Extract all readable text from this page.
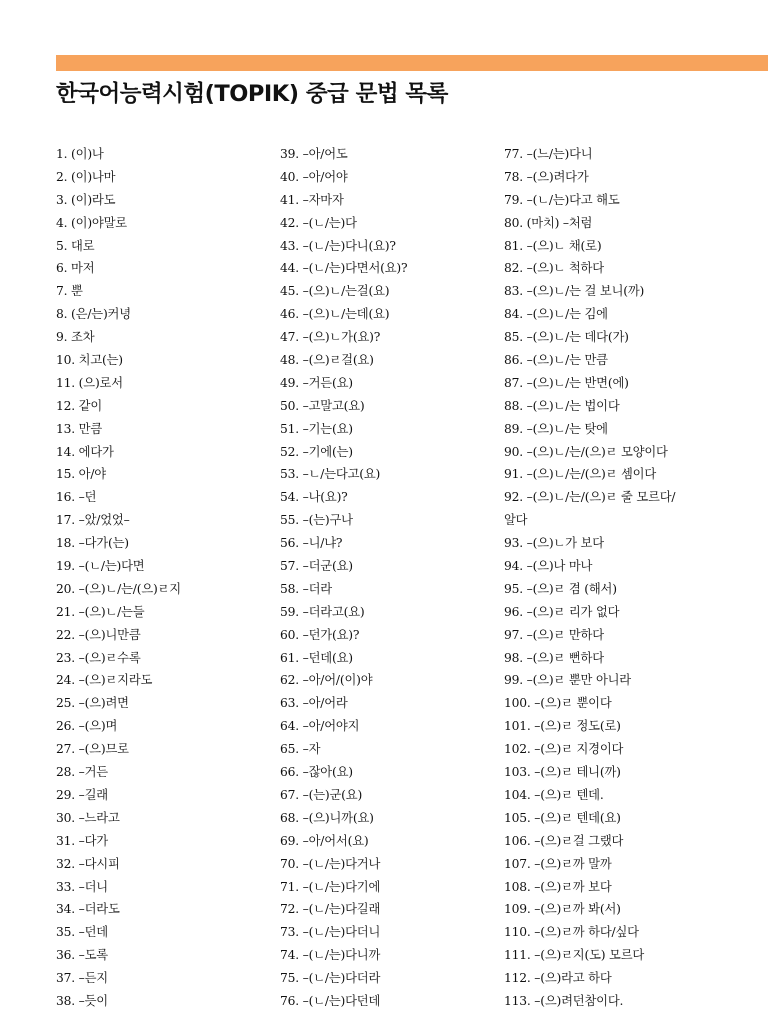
한국어능력시험(TOPIK) 중급 문법 목록
1. (이)나
2. (이)나마
3. (이)라도
4. (이)야말로
5. 대로
6. 마저
7. 뿐
8. (은/는)커녕
9. 조차
10. 치고(는)
11. (으)로서
12. 같이
13. 만큼
14. 에다가
15. 아/야
16. –던
17. –았/었었–
18. –다가(는)
19. –(ㄴ/는)다면
20. –(으)ㄴ/는/(으)ㄹ지
21. –(으)ㄴ/는들
22. –(으)니만큼
23. –(으)ㄹ수록
24. –(으)ㄹ지라도
25. –(으)려면
26. –(으)며
27. –(으)므로
28. –거든
29. –길래
30. –느라고
31. –다가
32. –다시피
33. –더니
34. –더라도
35. –던데
36. –도록
37. –든지
38. –듯이
39. –아/어도
40. –아/어야
41. –자마자
42. –(ㄴ/는)다
43. –(ㄴ/는)다니(요)?
44. –(ㄴ/는)다면서(요)?
45. –(으)ㄴ/는걸(요)
46. –(으)ㄴ/는데(요)
47. –(으)ㄴ가(요)?
48. –(으)ㄹ걸(요)
49. –거든(요)
50. –고말고(요)
51. –기는(요)
52. –기에(는)
53. –ㄴ/는다고(요)
54. –나(요)?
55. –(는)구나
56. –니/냐?
57. –더군(요)
58. –더라
59. –더라고(요)
60. –던가(요)?
61. –던데(요)
62. –아/어/(이)야
63. –아/어라
64. –아/어야지
65. –자
66. –잖아(요)
67. –(는)군(요)
68. –(으)니까(요)
69. –아/어서(요)
70. –(ㄴ/는)다거나
71. –(ㄴ/는)다기에
72. –(ㄴ/는)다길래
73. –(ㄴ/는)다더니
74. –(ㄴ/는)다니까
75. –(ㄴ/는)다더라
76. –(ㄴ/는)다던데
77. –(느/는)다니
78. –(으)려다가
79. –(ㄴ/는)다고 해도
80. (마치) –처럼
81. –(으)ㄴ 채(로)
82. –(으)ㄴ 척하다
83. –(으)ㄴ/는 걸 보니(까)
84. –(으)ㄴ/는 김에
85. –(으)ㄴ/는 데다(가)
86. –(으)ㄴ/는 만큼
87. –(으)ㄴ/는 반면(에)
88. –(으)ㄴ/는 법이다
89. –(으)ㄴ/는 탓에
90. –(으)ㄴ/는/(으)ㄹ 모양이다
91. –(으)ㄴ/는/(으)ㄹ 셈이다
92. –(으)ㄴ/는/(으)ㄹ 줄 모르다/
알다
93. –(으)ㄴ가 보다
94. –(으)나 마나
95. –(으)ㄹ 겸 (해서)
96. –(으)ㄹ 리가 없다
97. –(으)ㄹ 만하다
98. –(으)ㄹ 뻔하다
99. –(으)ㄹ 뿐만 아니라
100. –(으)ㄹ 뿐이다
101. –(으)ㄹ 정도(로)
102. –(으)ㄹ 지경이다
103. –(으)ㄹ 테니(까)
104. –(으)ㄹ 텐데.
105. –(으)ㄹ 텐데(요)
106. –(으)ㄹ걸 그랬다
107. –(으)ㄹ까 말까
108. –(으)ㄹ까 보다
109. –(으)ㄹ까 봐(서)
110. –(으)ㄹ까 하다/싶다
111. –(으)ㄹ지(도) 모르다
112. –(으)라고 하다
113. –(으)려던참이다.
